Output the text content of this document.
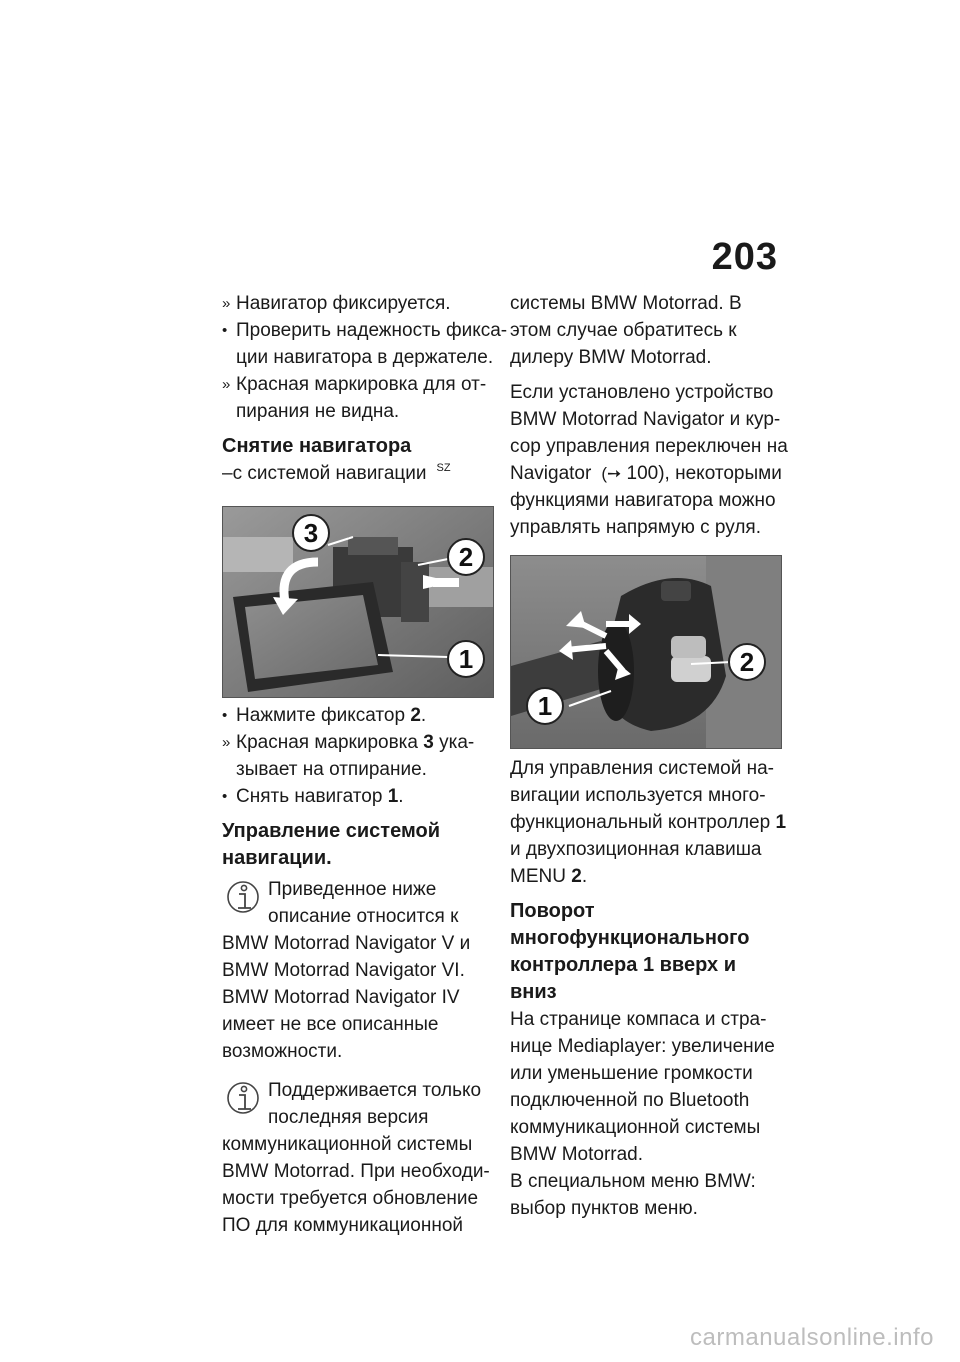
203
» Навигатор фиксируется.
• Проверить надежность фикса-
ции навигатора в держателе.
» Красная маркировка для от-
пирания не видна.
Снятие навигатора
–с системой навигации $^{SZ}$
3
2
1
• Нажмите фиксатор 2.
» Красная маркировка 3 ука-
зывает на отпирание.
• Снять навигатор 1.
Управление системой
навигации.
Приведенное ниже
описание относится к
BMW Motorrad Navigator V и
BMW Motorrad Navigator VI.
BMW Motorrad Navigator IV
имеет не все описанные
возможности.
Поддерживается только
последняя версия
коммуникационной системы
BMW Motorrad. При необходи-
мости требуется обновление
ПО для коммуникационной
системы BMW Motorrad. В
этом случае обратитесь к
дилеру BMW Motorrad.
Если установлено устройство
BMW Motorrad Navigator и кур-
сор управления переключен на
Navigator  (➙ 100), некоторыми
функциями навигатора можно
управлять напрямую с руля.
2
1
Для управления системой на-
вигации используется много-
функциональный контроллер 1
и двухпозиционная клавиша
MENU 2.
Поворот
многофункционального
контроллера 1 вверх и
вниз
На странице компаса и стра-
нице Mediaplayer: увеличение
или уменьшение громкости
подключенной по Bluetooth
коммуникационной системы
BMW Motorrad.
В специальном меню BMW:
выбор пунктов меню.
carmanualsonline.info
